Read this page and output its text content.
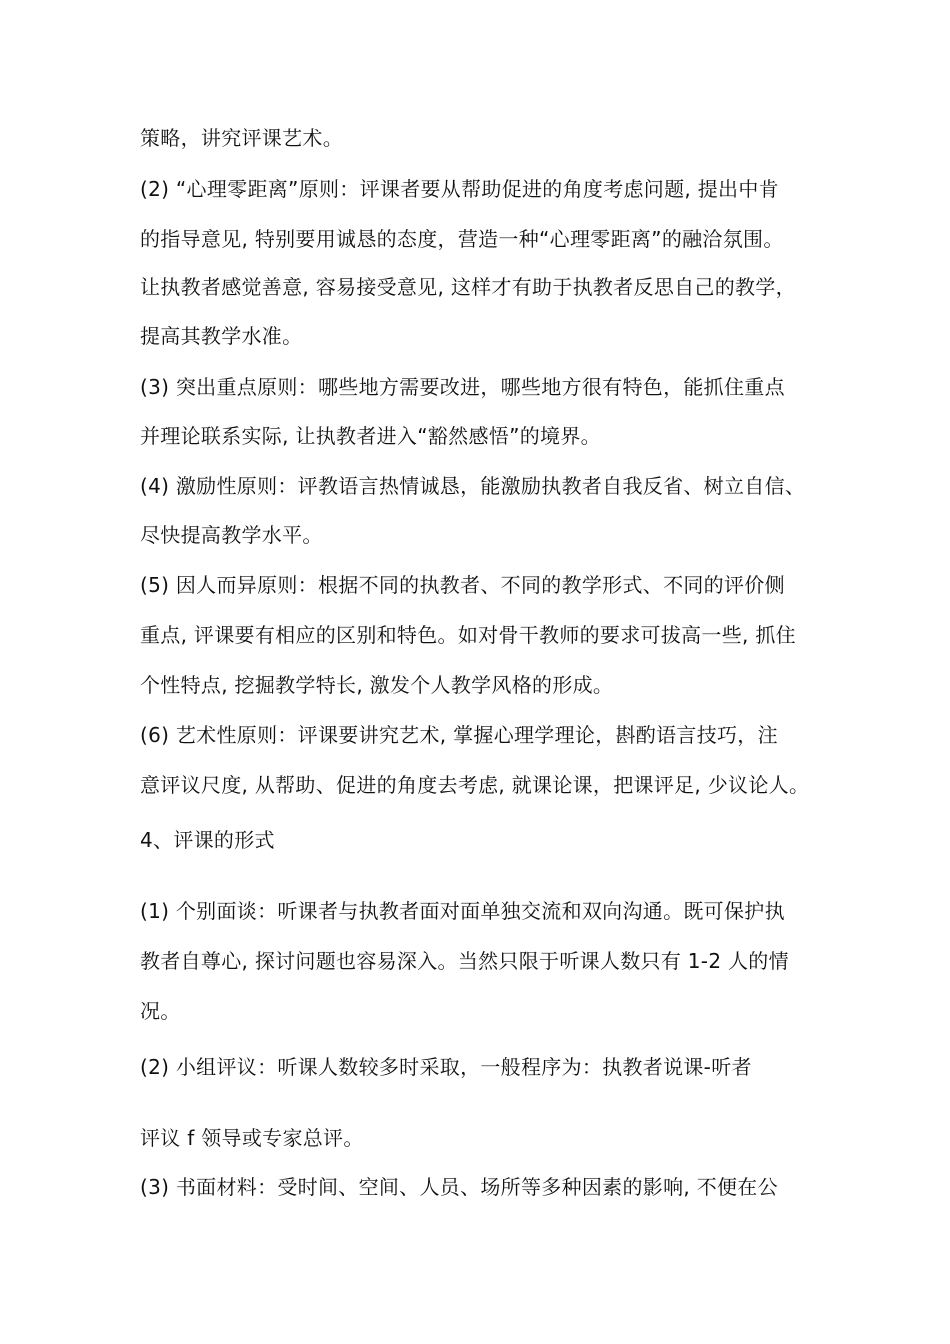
策略，讲究评课艺术。
(2) “心理零距离”原则：评课者要从帮助促进的角度考虑问题, 提出中肯
的指导意见, 特别要用诚恳的态度，营造一种“心理零距离”的融洽氛围。
让执教者感觉善意, 容易接受意见, 这样才有助于执教者反思自己的教学，
提高其教学水准。
(3) 突出重点原则：哪些地方需要改进，哪些地方很有特色，能抓住重点
并理论联系实际, 让执教者进入“豁然感悟”的境界。
(4) 激励性原则：评教语言热情诚恳，能激励执教者自我反省、树立自信、
尽快提高教学水平。
(5) 因人而异原则：根据不同的执教者、不同的教学形式、不同的评价侧
重点, 评课要有相应的区别和特色。如对骨干教师的要求可拔高一些, 抓住
个性特点, 挖掘教学特长, 激发个人教学风格的形成。
(6) 艺术性原则：评课要讲究艺术, 掌握心理学理论，斟酌语言技巧，注
意评议尺度, 从帮助、促进的角度去考虑, 就课论课，把课评足, 少议论人。
4、评课的形式
(1) 个别面谈：听课者与执教者面对面单独交流和双向沟通。既可保护执
教者自尊心, 探讨问题也容易深入。当然只限于听课人数只有 1-2 人的情
况。
(2) 小组评议：听课人数较多时采取，一般程序为：执教者说课-听者
评议 f 领导或专家总评。
(3) 书面材料：受时间、空间、人员、场所等多种因素的影响, 不便在公
